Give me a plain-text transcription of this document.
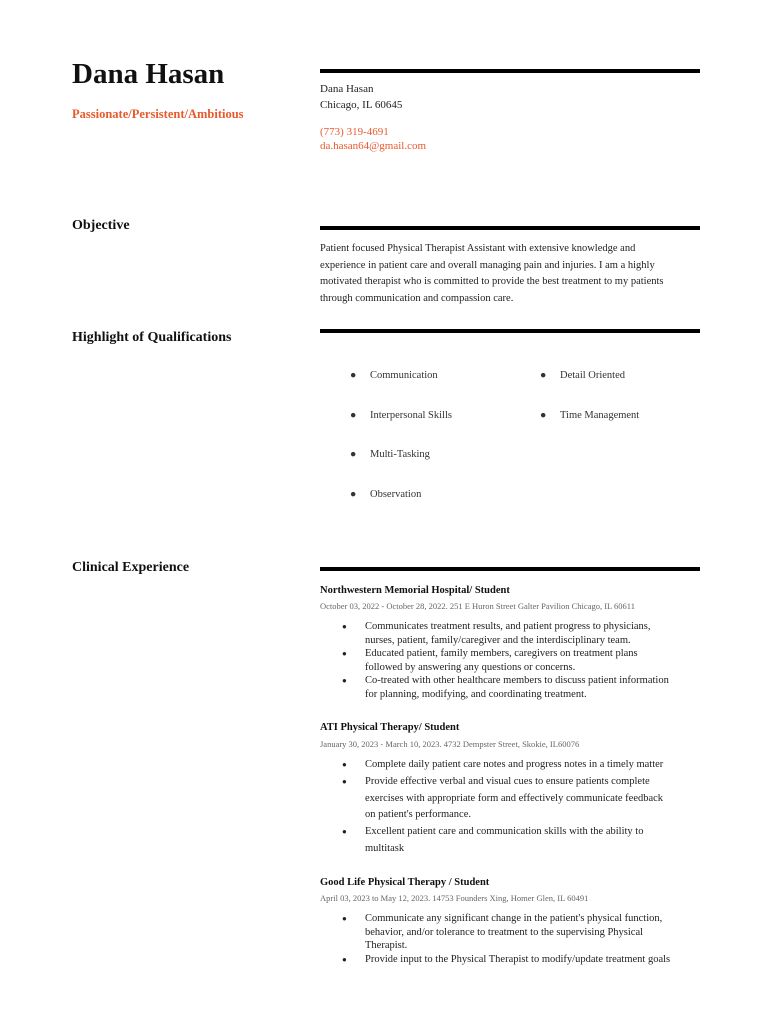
Dana Hasan
Passionate/Persistent/Ambitious
Dana Hasan
Chicago, IL 60645
(773) 319-4691
da.hasan64@gmail.com
Objective
Patient focused Physical Therapist Assistant with extensive knowledge and
experience in patient care and overall managing pain and injuries. I am a highly
motivated therapist who is committed to provide the best treatment to my patients
through communication and compassion care.
Highlight of Qualifications
● Communication
● Interpersonal Skills
● Multi-Tasking
● Observation
● Detail Oriented
● Time Management
Clinical Experience
Northwestern Memorial Hospital/ Student
October 03, 2022 - October 28, 2022. 251 E Huron Street Galter Pavilion Chicago, IL 60611
● Communicates treatment results, and patient progress to physicians,
nurses, patient, family/caregiver and the interdisciplinary team.
● Educated patient, family members, caregivers on treatment plans
followed by answering any questions or concerns.
● Co-treated with other healthcare members to discuss patient information
for planning, modifying, and coordinating treatment.
ATI Physical Therapy/ Student
January 30, 2023 - March 10, 2023. 4732 Dempster Street, Skokie, IL60076
● Complete daily patient care notes and progress notes in a timely matter
● Provide effective verbal and visual cues to ensure patients complete
exercises with appropriate form and effectively communicate feedback
on patient's performance.
● Excellent patient care and communication skills with the ability to
multitask
Good Life Physical Therapy / Student
April 03, 2023 to May 12, 2023. 14753 Founders Xing, Homer Glen, IL 60491
● Communicate any significant change in the patient's physical function,
behavior, and/or tolerance to treatment to the supervising Physical
Therapist.
● Provide input to the Physical Therapist to modify/update treatment goals
